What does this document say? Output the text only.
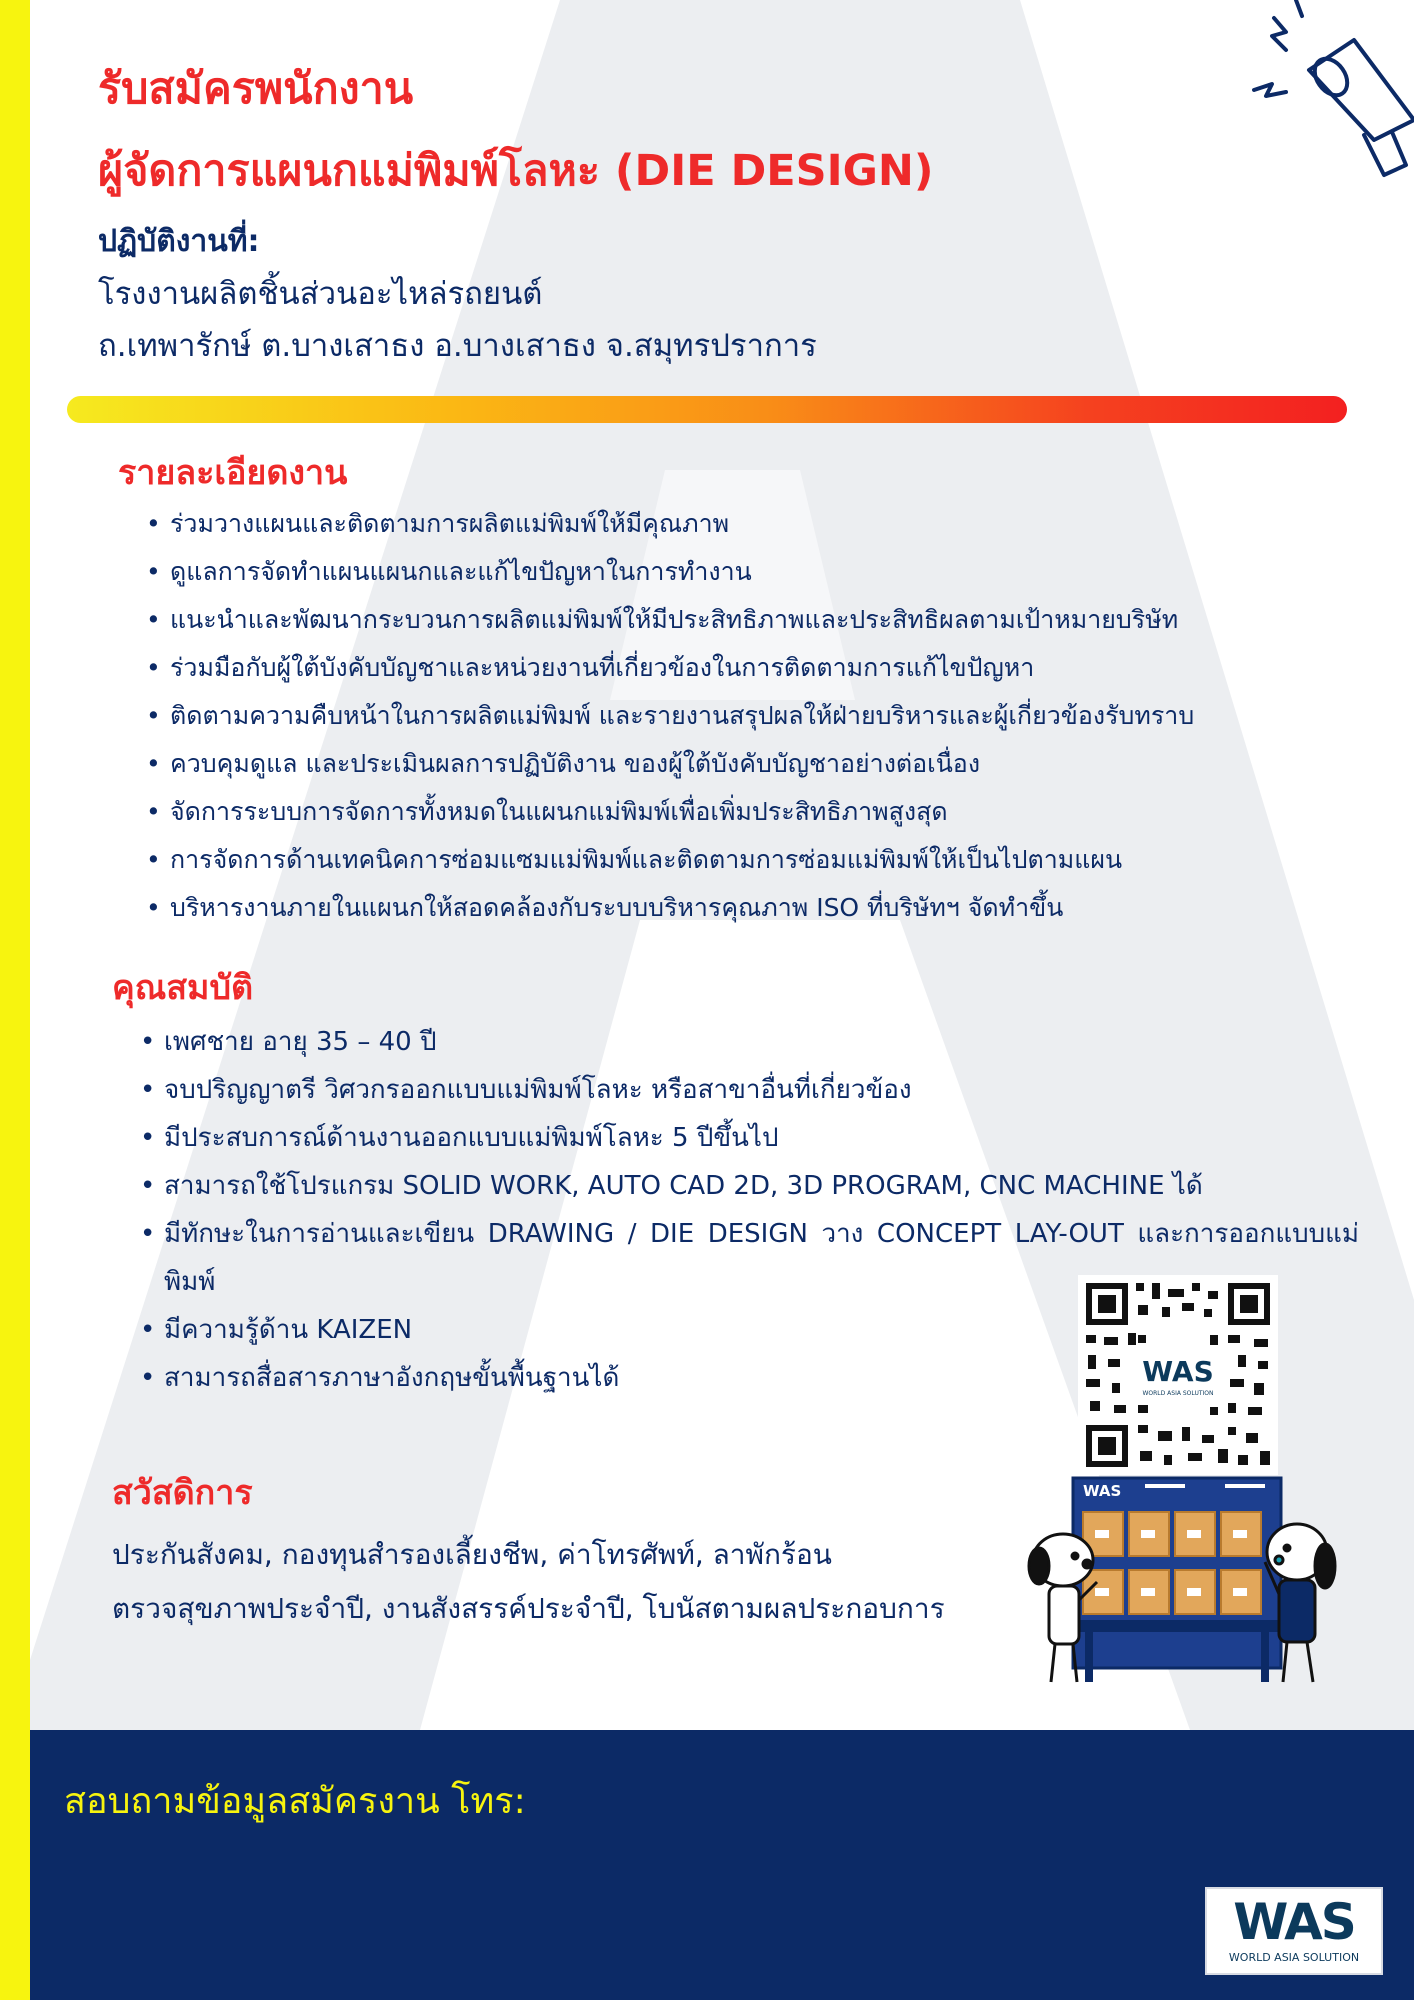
รับสมัครพนักงาน
ผู้จัดการแผนกแม่พิมพ์โลหะ (DIE DESIGN)
ปฏิบัติงานที่:
โรงงานผลิตชิ้นส่วนอะไหล่รถยนต์
ถ.เทพารักษ์ ต.บางเสาธง อ.บางเสาธง จ.สมุทรปราการ
รายละเอียดงาน
• ร่วมวางแผนและติดตามการผลิตแม่พิมพ์ให้มีคุณภาพ
• ดูแลการจัดทำแผนแผนกและแก้ไขปัญหาในการทำงาน
• แนะนำและพัฒนากระบวนการผลิตแม่พิมพ์ให้มีประสิทธิภาพและประสิทธิผลตามเป้าหมายบริษัท
• ร่วมมือกับผู้ใต้บังคับบัญชาและหน่วยงานที่เกี่ยวข้องในการติดตามการแก้ไขปัญหา
• ติดตามความคืบหน้าในการผลิตแม่พิมพ์ และรายงานสรุปผลให้ฝ่ายบริหารและผู้เกี่ยวข้องรับทราบ
• ควบคุมดูแล และประเมินผลการปฏิบัติงาน ของผู้ใต้บังคับบัญชาอย่างต่อเนื่อง
• จัดการระบบการจัดการทั้งหมดในแผนกแม่พิมพ์เพื่อเพิ่มประสิทธิภาพสูงสุด
• การจัดการด้านเทคนิคการซ่อมแซมแม่พิมพ์และติดตามการซ่อมแม่พิมพ์ให้เป็นไปตามแผน
• บริหารงานภายในแผนกให้สอดคล้องกับระบบบริหารคุณภาพ ISO ที่บริษัทฯ จัดทำขึ้น
คุณสมบัติ
• เพศชาย อายุ 35 – 40 ปี
• จบปริญญาตรี วิศวกรออกแบบแม่พิมพ์โลหะ หรือสาขาอื่นที่เกี่ยวข้อง
• มีประสบการณ์ด้านงานออกแบบแม่พิมพ์โลหะ 5 ปีขึ้นไป
• สามารถใช้โปรแกรม SOLID WORK, AUTO CAD 2D, 3D PROGRAM, CNC MACHINE ได้
• มีทักษะในการอ่านและเขียน DRAWING / DIE DESIGN วาง CONCEPT LAY-OUT และการออกแบบแม่พิมพ์
• มีความรู้ด้าน KAIZEN
• สามารถสื่อสารภาษาอังกฤษขั้นพื้นฐานได้
สวัสดิการ
ประกันสังคม, กองทุนสำรองเลี้ยงชีพ, ค่าโทรศัพท์, ลาพักร้อน
ตรวจสุขภาพประจำปี, งานสังสรรค์ประจำปี, โบนัสตามผลประกอบการ
WAS
WORLD ASIA SOLUTION
WAS
สอบถามข้อมูลสมัครงาน โทร:
WAS
WORLD ASIA SOLUTION
